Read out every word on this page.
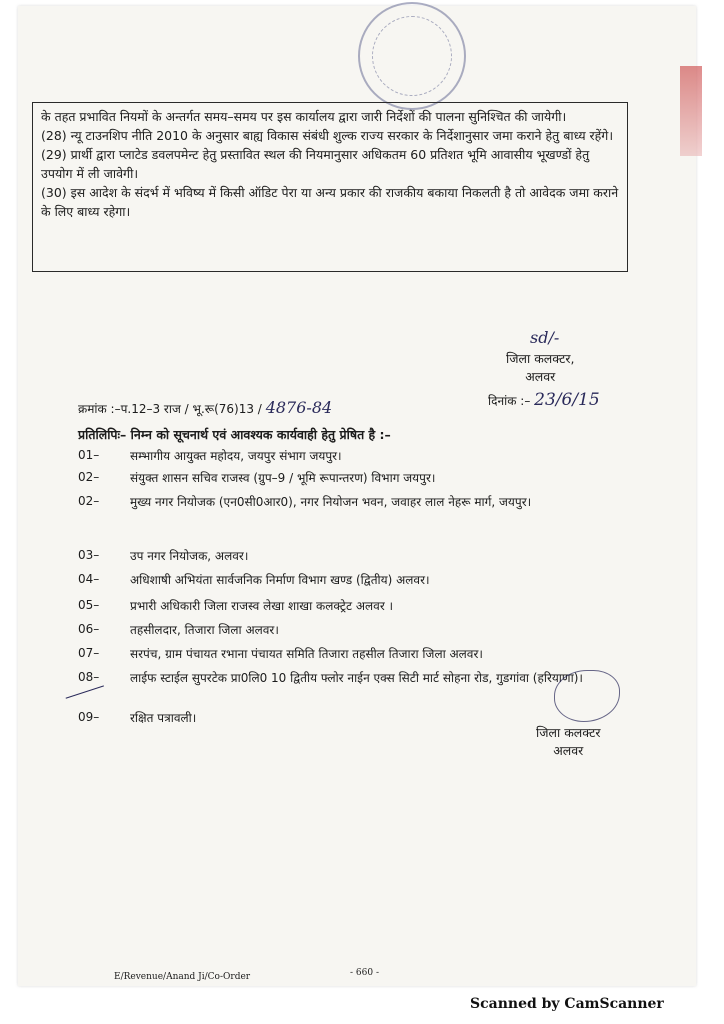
के तहत प्रभावित नियमों के अन्तर्गत समय–समय पर इस कार्यालय द्वारा जारी निर्देशों की पालना सुनिश्चित की जायेगी।

(28) न्यू टाउनशिप नीति 2010 के अनुसार बाह्य विकास संबंधी शुल्क राज्य सरकार के निर्देशानुसार जमा कराने हेतु बाध्य रहेंगे।

(29) प्रार्थी द्वारा प्लाटेड डवलपमेन्ट हेतु प्रस्तावित स्थल की नियमानुसार अधिकतम 60 प्रतिशत भूमि आवासीय भूखण्डों हेतु उपयोग में ली जावेगी।

(30) इस आदेश के संदर्भ में भविष्य में किसी ऑडिट पेरा या अन्य प्रकार की राजकीय बकाया निकलती है तो आवेदक जमा कराने के लिए बाध्य रहेगा।

sd/-
जिला कलक्टर,
अलवर
क्रमांक :–प.12–3 राज / भू.रू(76)13 / 4876-84	दिनांक :– 23/6/15
प्रतिलिपिः– निम्न को सूचनार्थ एवं आवश्यक कार्यवाही हेतु प्रेषित है :–
01–	सम्भागीय आयुक्त महोदय, जयपुर संभाग जयपुर।
02–	संयुक्त शासन सचिव राजस्व (ग्रुप–9 / भूमि रूपान्तरण) विभाग जयपुर।
02–	मुख्य नगर नियोजक (एन0सी0आर0), नगर नियोजन भवन, जवाहर लाल नेहरू मार्ग, जयपुर।
03–	उप नगर नियोजक, अलवर।
04–	अधिशाषी अभियंता सार्वजनिक निर्माण विभाग खण्ड (द्वितीय) अलवर।
05–	प्रभारी अधिकारी जिला राजस्व लेखा शाखा कलक्ट्रेट अलवर ।
06–	तहसीलदार, तिजारा जिला अलवर।
07–	सरपंच, ग्राम पंचायत रभाना पंचायत समिति तिजारा तहसील तिजारा जिला अलवर।
08–	लाईफ स्टाईल सुपरटेक प्रा0लि0 10 द्वितीय फ्लोर नाईन एक्स सिटी मार्ट सोहना रोड, गुडगांवा (हरियाणा)।
09–	रक्षित पत्रावली।
जिला कलक्टर
अलवर
E/Revenue/Anand Ji/Co-Order	- 660 -
Scanned by CamScanner
